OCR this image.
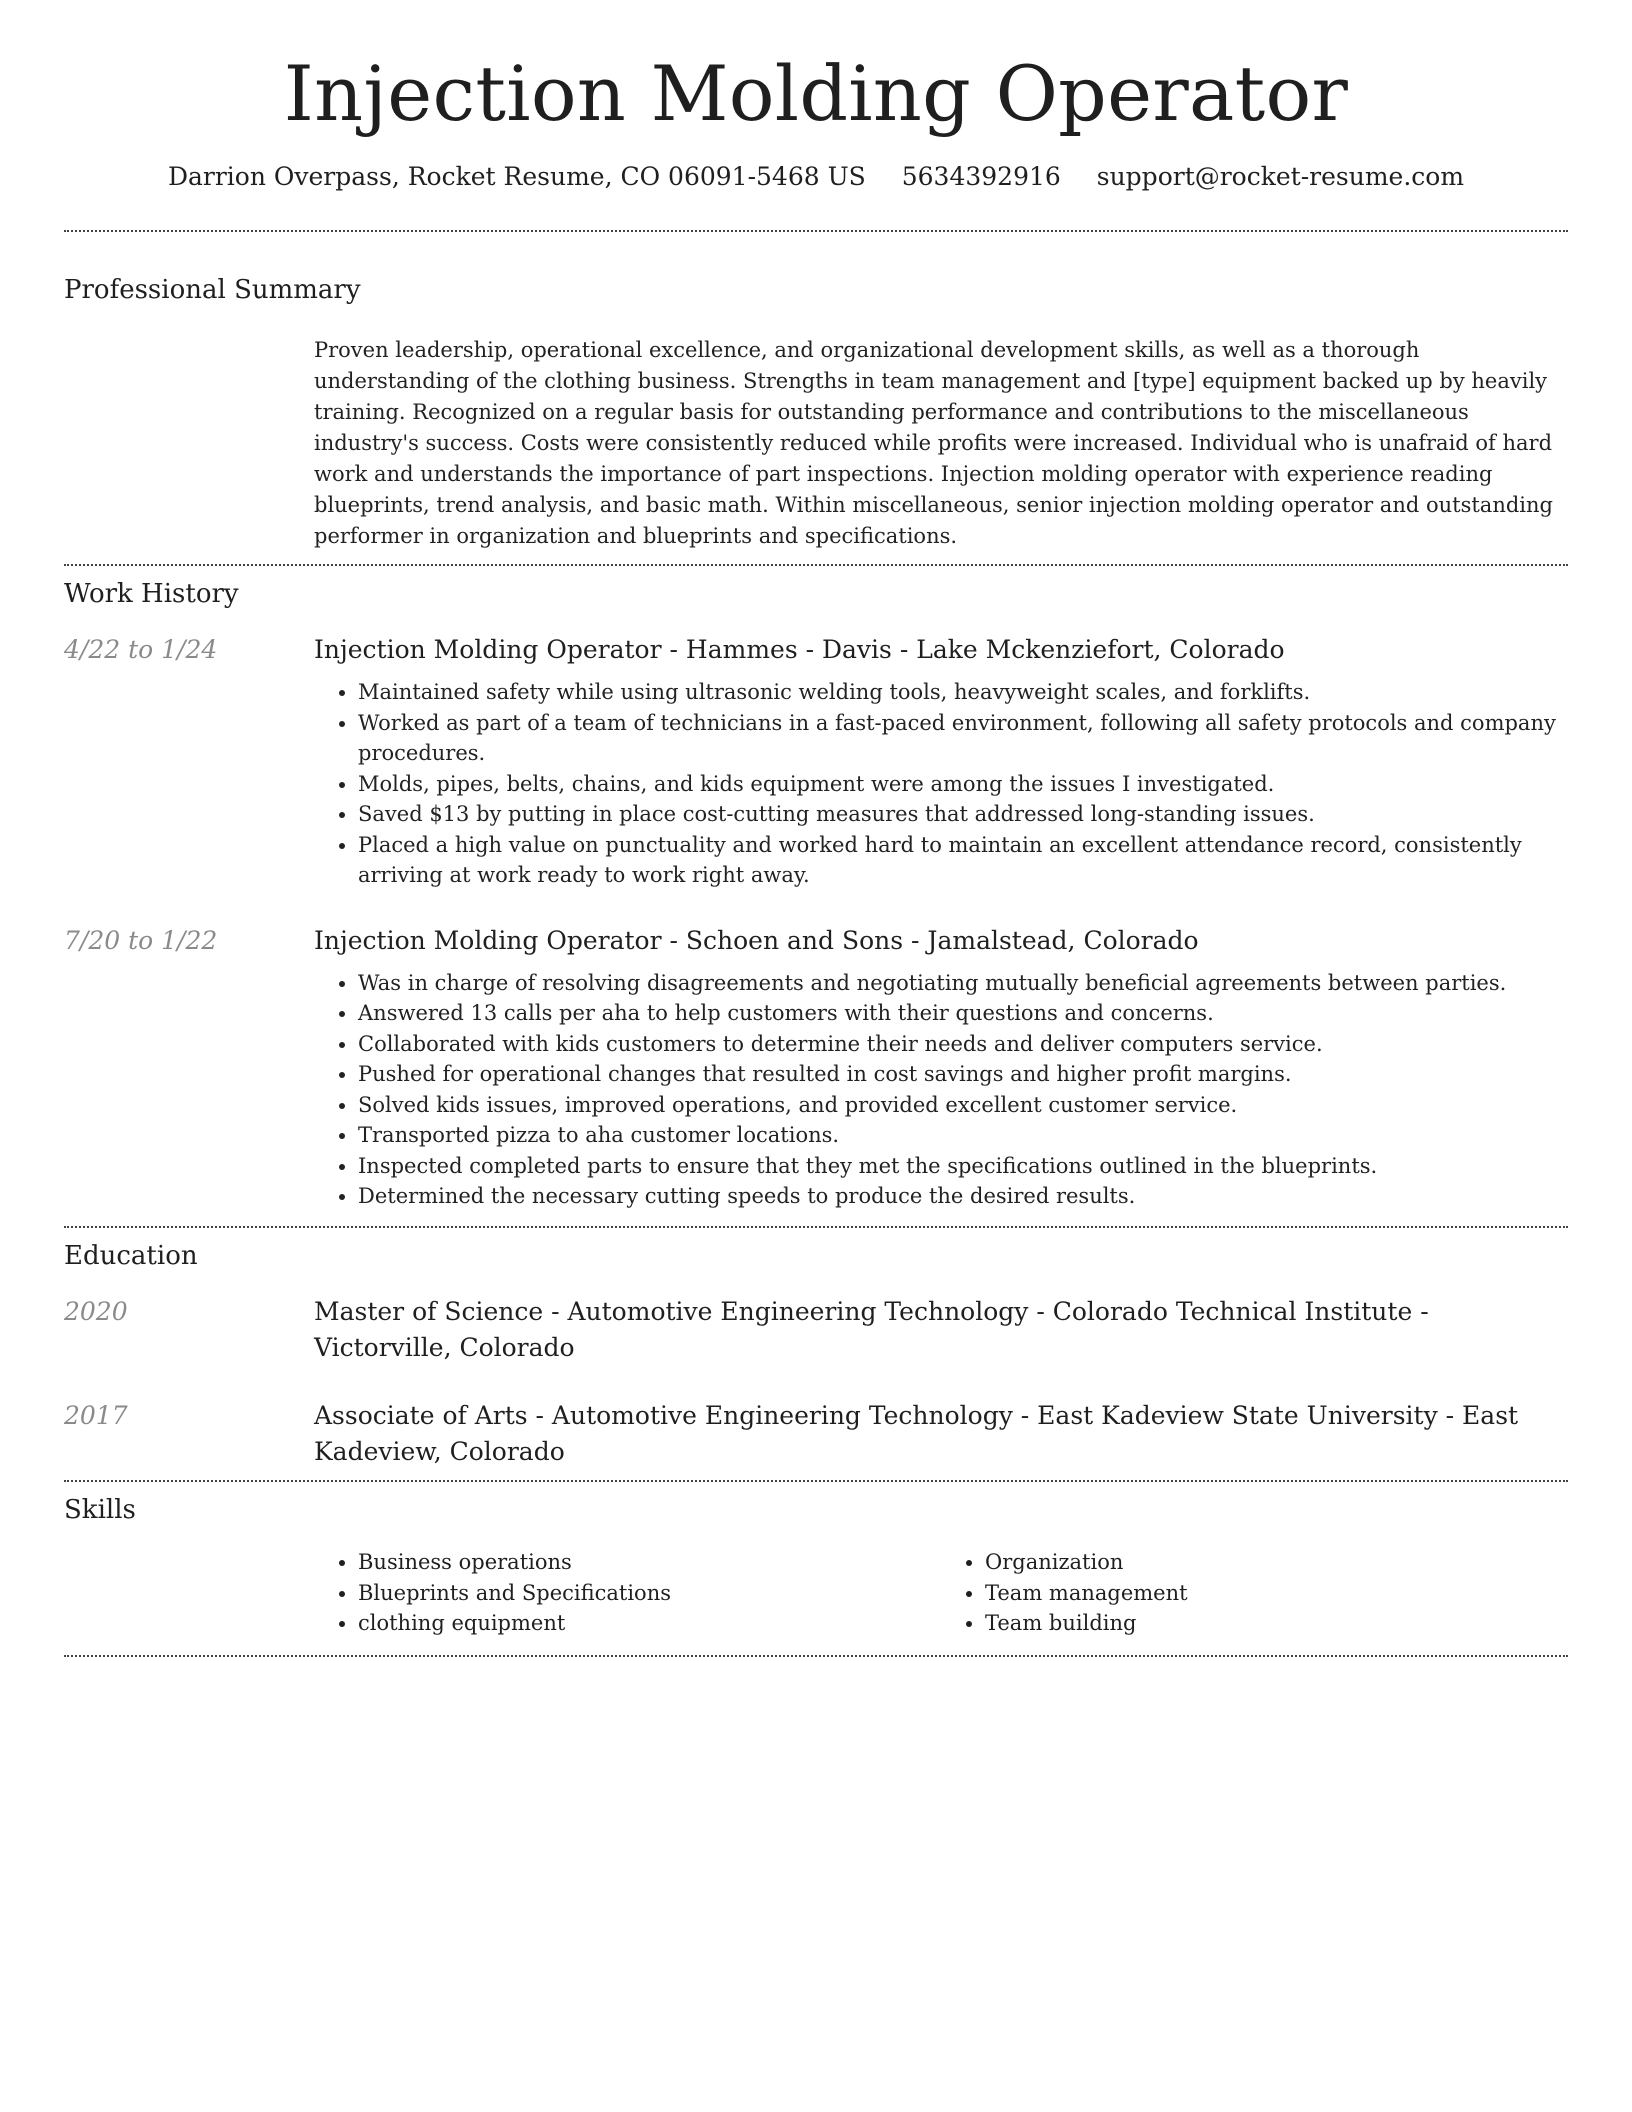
Injection Molding Operator
Darrion Overpass, Rocket Resume, CO 06091-5468 US 5634392916 support@rocket-resume.com
Professional Summary

Proven leadership, operational excellence, and organizational development skills, as well as a thorough understanding of the clothing business. Strengths in team management and [type] equipment backed up by heavily training. Recognized on a regular basis for outstanding performance and contributions to the miscellaneous industry's success. Costs were consistently reduced while profits were increased. Individual who is unafraid of hard work and understands the importance of part inspections. Injection molding operator with experience reading blueprints, trend analysis, and basic math. Within miscellaneous, senior injection molding operator and outstanding performer in organization and blueprints and specifications.

Work History
4/22 to 1/24	Injection Molding Operator - Hammes - Davis - Lake Mckenziefort, Colorado
• Maintained safety while using ultrasonic welding tools, heavyweight scales, and forklifts.
• Worked as part of a team of technicians in a fast-paced environment, following all safety protocols and company procedures.
• Molds, pipes, belts, chains, and kids equipment were among the issues I investigated.
• Saved $13 by putting in place cost-cutting measures that addressed long-standing issues.
• Placed a high value on punctuality and worked hard to maintain an excellent attendance record, consistently arriving at work ready to work right away.
7/20 to 1/22	Injection Molding Operator - Schoen and Sons - Jamalstead, Colorado
• Was in charge of resolving disagreements and negotiating mutually beneficial agreements between parties.
• Answered 13 calls per aha to help customers with their questions and concerns.
• Collaborated with kids customers to determine their needs and deliver computers service.
• Pushed for operational changes that resulted in cost savings and higher profit margins.
• Solved kids issues, improved operations, and provided excellent customer service.
• Transported pizza to aha customer locations.
• Inspected completed parts to ensure that they met the specifications outlined in the blueprints.
• Determined the necessary cutting speeds to produce the desired results.
Education
2020	Master of Science - Automotive Engineering Technology - Colorado Technical Institute - Victorville, Colorado

2017	Associate of Arts - Automotive Engineering Technology - East Kadeview State University - East Kadeview, Colorado

Skills
• Business operations
• Blueprints and Specifications
• clothing equipment
• Organization
• Team management
• Team building
